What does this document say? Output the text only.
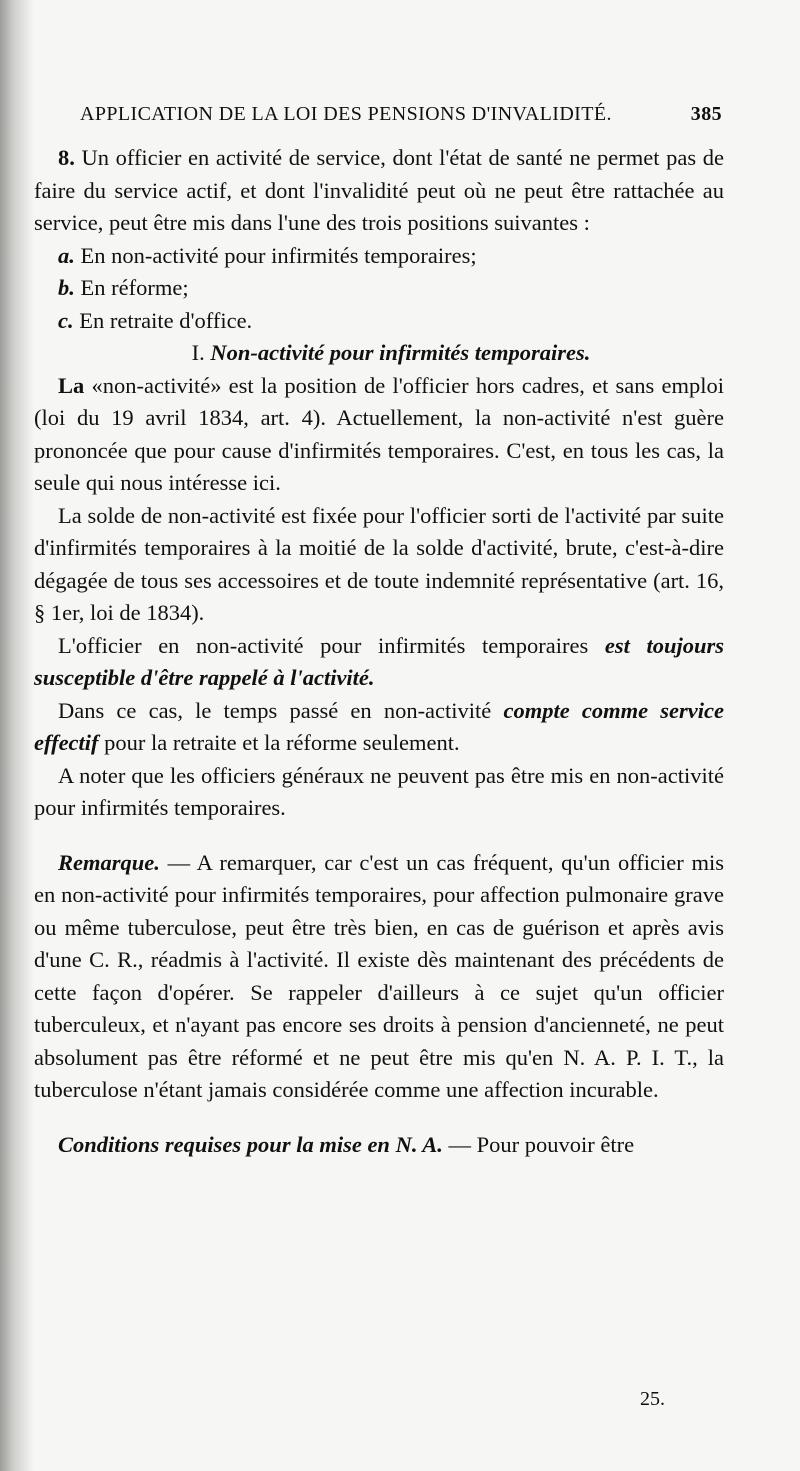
APPLICATION DE LA LOI DES PENSIONS D'INVALIDITÉ.	385

8. Un officier en activité de service, dont l'état de santé ne permet pas de faire du service actif, et dont l'invalidité peut où ne peut être rattachée au service, peut être mis dans l'une des trois positions suivantes :

a. En non-activité pour infirmités temporaires;
b. En réforme;
c. En retraite d'office.

I. Non-activité pour infirmités temporaires.

La «non-activité» est la position de l'officier hors cadres, et sans emploi (loi du 19 avril 1834, art. 4). Actuellement, la non-activité n'est guère prononcée que pour cause d'infirmités temporaires. C'est, en tous les cas, la seule qui nous intéresse ici.

La solde de non-activité est fixée pour l'officier sorti de l'activité par suite d'infirmités temporaires à la moitié de la solde d'activité, brute, c'est-à-dire dégagée de tous ses accessoires et de toute indemnité représentative (art. 16, § 1er, loi de 1834).

L'officier en non-activité pour infirmités temporaires est toujours susceptible d'être rappelé à l'activité.

Dans ce cas, le temps passé en non-activité compte comme service effectif pour la retraite et la réforme seulement.

A noter que les officiers généraux ne peuvent pas être mis en non-activité pour infirmités temporaires.

Remarque. — A remarquer, car c'est un cas fréquent, qu'un officier mis en non-activité pour infirmités temporaires, pour affection pulmonaire grave ou même tuberculose, peut être très bien, en cas de guérison et après avis d'une C. R., réadmis à l'activité. Il existe dès maintenant des précédents de cette façon d'opérer. Se rappeler d'ailleurs à ce sujet qu'un officier tuberculeux, et n'ayant pas encore ses droits à pension d'ancienneté, ne peut absolument pas être réformé et ne peut être mis qu'en N. A. P. I. T., la tuberculose n'étant jamais considérée comme une affection incurable.

Conditions requises pour la mise en N. A. — Pour pouvoir être

25.
